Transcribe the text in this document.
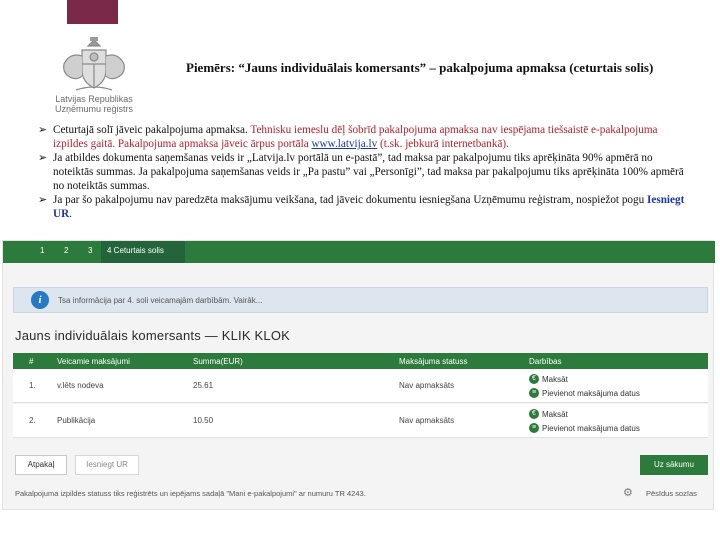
Latvijas Republikas
Uzņēmumu reģistrs
Piemērs: “Jauns individuālais komersants” – pakalpojuma apmaksa (ceturtais solis)
➢ Ceturtajā solī jāveic pakalpojuma apmaksa. Tehnisku iemeslu dēļ šobrīd pakalpojuma apmaksa nav iespējama tiešsaistē e-pakalpojuma izpildes gaitā. Pakalpojuma apmaksa jāveic ārpus portāla www.latvija.lv (t.sk. jebkurā internetbankā).
➢ Ja atbildes dokumenta saņemšanas veids ir „Latvija.lv portālā un e-pastā”, tad maksa par pakalpojumu tiks aprēķināta 90% apmērā no noteiktās summas. Ja pakalpojuma saņemšanas veids ir „Pa pastu” vai „Personīgi”, tad maksa par pakalpojumu tiks aprēķināta 100% apmērā no noteiktās summas.
➢ Ja par šo pakalpojumu nav paredzēta maksājumu veikšana, tad jāveic dokumentu iesniegšana Uzņēmumu reģistram, nospiežot pogu Iesniegt UR.
1 2 3 4 Ceturtais solis
i	Tsa informācija par 4. soli veicamajām darbībām. Vairāk...
Jauns individuālais komersants — KLIK KLOK
#	Veicamie maksājumi	Summa(EUR)	Maksājuma statuss	Darbības
1.	v.lēts nodeva	25.61	Nav apmaksāts
€ Maksāt
≡ Pievienot maksājuma datus
2.	Publikācija	10.50	Nav apmaksāts
€ Maksāt
≡ Pievienot maksājuma datus
Atpakaļ	Iesniegt UR	Uz sākumu
Pakalpojuma izpildes statuss tiks reģistrēts un iepējams sadaļā "Mani e-pakalpojumi" ar numuru TR 4243.	⚙ Pēsīdus sozīas
